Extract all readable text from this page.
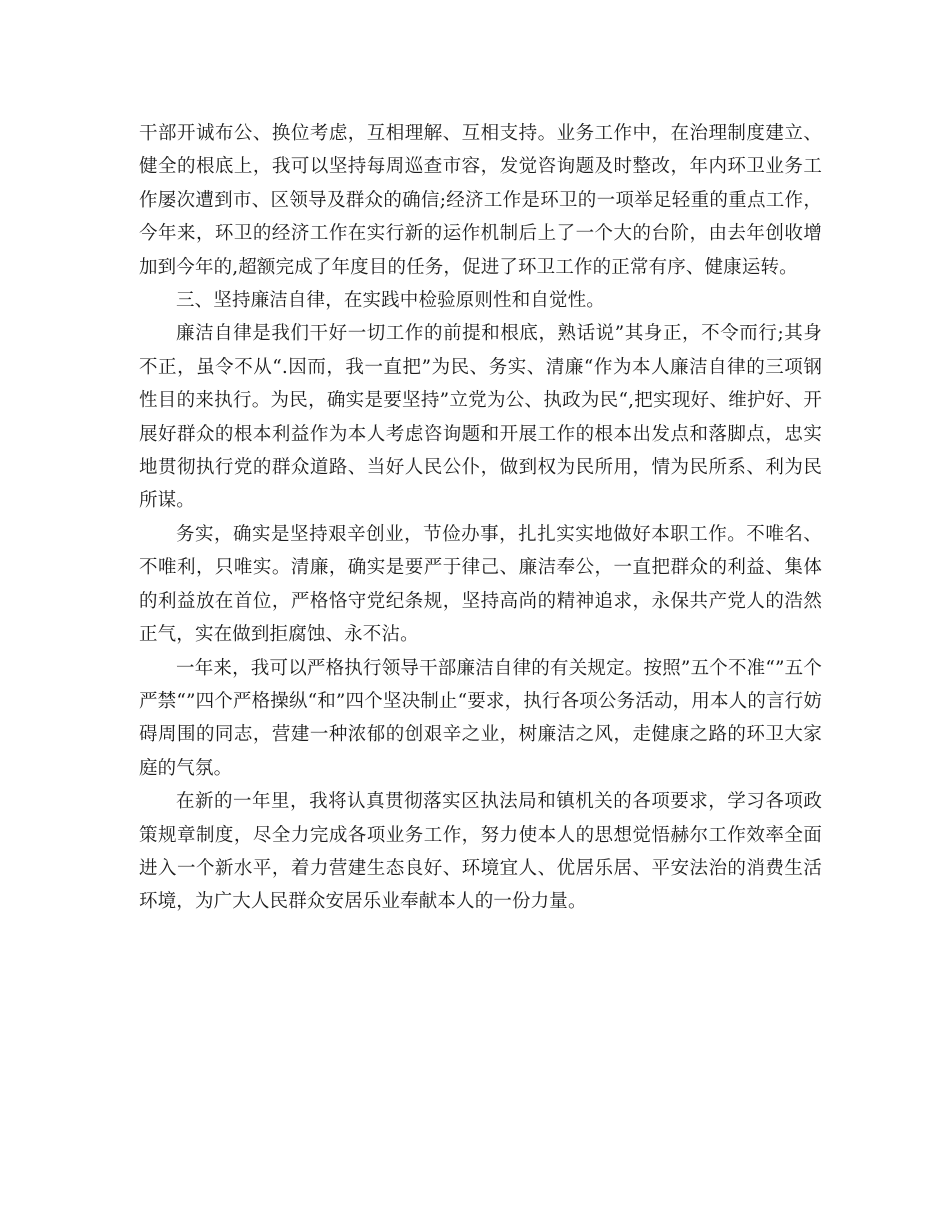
干部开诚布公、换位考虑，互相理解、互相支持。业务工作中，在治理制度建立、健全的根底上，我可以坚持每周巡查市容，发觉咨询题及时整改，年内环卫业务工作屡次遭到市、区领导及群众的确信;经济工作是环卫的一项举足轻重的重点工作，今年来，环卫的经济工作在实行新的运作机制后上了一个大的台阶，由去年创收增加到今年的,超额完成了年度目的任务，促进了环卫工作的正常有序、健康运转。

三、坚持廉洁自律，在实践中检验原则性和自觉性。

廉洁自律是我们干好一切工作的前提和根底，熟话说”其身正，不令而行;其身不正，虽令不从“.因而，我一直把”为民、务实、清廉“作为本人廉洁自律的三项钢性目的来执行。为民，确实是要坚持”立党为公、执政为民“,把实现好、维护好、开展好群众的根本利益作为本人考虑咨询题和开展工作的根本出发点和落脚点，忠实地贯彻执行党的群众道路、当好人民公仆，做到权为民所用，情为民所系、利为民所谋。

务实，确实是坚持艰辛创业，节俭办事，扎扎实实地做好本职工作。不唯名、不唯利，只唯实。清廉，确实是要严于律己、廉洁奉公，一直把群众的利益、集体的利益放在首位，严格恪守党纪条规，坚持高尚的精神追求，永保共产党人的浩然正气，实在做到拒腐蚀、永不沾。

一年来，我可以严格执行领导干部廉洁自律的有关规定。按照”五个不准“”五个严禁“”四个严格操纵“和”四个坚决制止“要求，执行各项公务活动，用本人的言行妨碍周围的同志，营建一种浓郁的创艰辛之业，树廉洁之风，走健康之路的环卫大家庭的气氛。

在新的一年里，我将认真贯彻落实区执法局和镇机关的各项要求，学习各项政策规章制度，尽全力完成各项业务工作，努力使本人的思想觉悟赫尔工作效率全面进入一个新水平，着力营建生态良好、环境宜人、优居乐居、平安法治的消费生活环境，为广大人民群众安居乐业奉献本人的一份力量。
